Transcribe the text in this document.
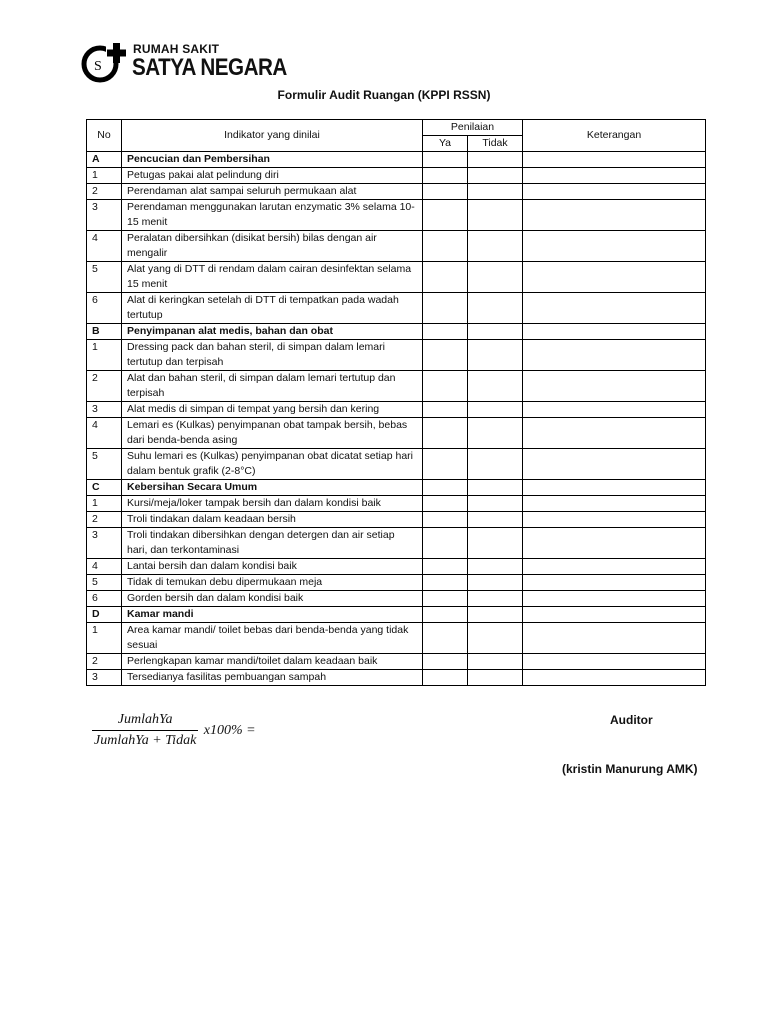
S
RUMAH SAKIT
SATYA NEGARA
Formulir Audit Ruangan (KPPI RSSN)
No	Indikator yang dinilai	Penilaian		Keterangan
		Ya	Tidak	
A	Pencucian dan Pembersihan			
1	Petugas pakai alat pelindung diri			
2	Perendaman alat sampai seluruh permukaan alat			
3	Perendaman menggunakan larutan enzymatic 3% selama 10-15 menit			
4	Peralatan dibersihkan (disikat bersih) bilas dengan air mengalir			
5	Alat yang di DTT di rendam dalam cairan desinfektan selama 15 menit			
6	Alat di keringkan setelah di DTT di tempatkan pada wadah tertutup			
B	Penyimpanan alat medis, bahan dan obat			
1	Dressing pack dan bahan steril, di simpan dalam lemari tertutup dan terpisah			
2	Alat dan bahan steril, di simpan dalam lemari tertutup dan terpisah			
3	Alat medis di simpan di tempat yang bersih dan kering			
4	Lemari es (Kulkas) penyimpanan obat tampak bersih, bebas dari benda-benda asing			
5	Suhu lemari es (Kulkas) penyimpanan obat dicatat setiap hari dalam bentuk grafik (2-8°C)			
C	Kebersihan Secara Umum			
1	Kursi/meja/loker tampak bersih dan dalam kondisi baik			
2	Troli tindakan dalam keadaan bersih			
3	Troli tindakan dibersihkan dengan detergen dan air setiap hari, dan terkontaminasi			
4	Lantai bersih dan dalam kondisi baik			
5	Tidak di temukan debu dipermukaan meja			
6	Gorden bersih dan dalam kondisi baik			
D	Kamar mandi			
1	Area kamar mandi/ toilet bebas dari benda-benda yang tidak sesuai			
2	Perlengkapan kamar mandi/toilet dalam keadaan baik			
3	Tersedianya fasilitas pembuangan sampah			
$\frac{\text{JumlahYa}}{\text{JumlahYa + Tidak}} x100\%$ =
Auditor
(kristin Manurung AMK)
